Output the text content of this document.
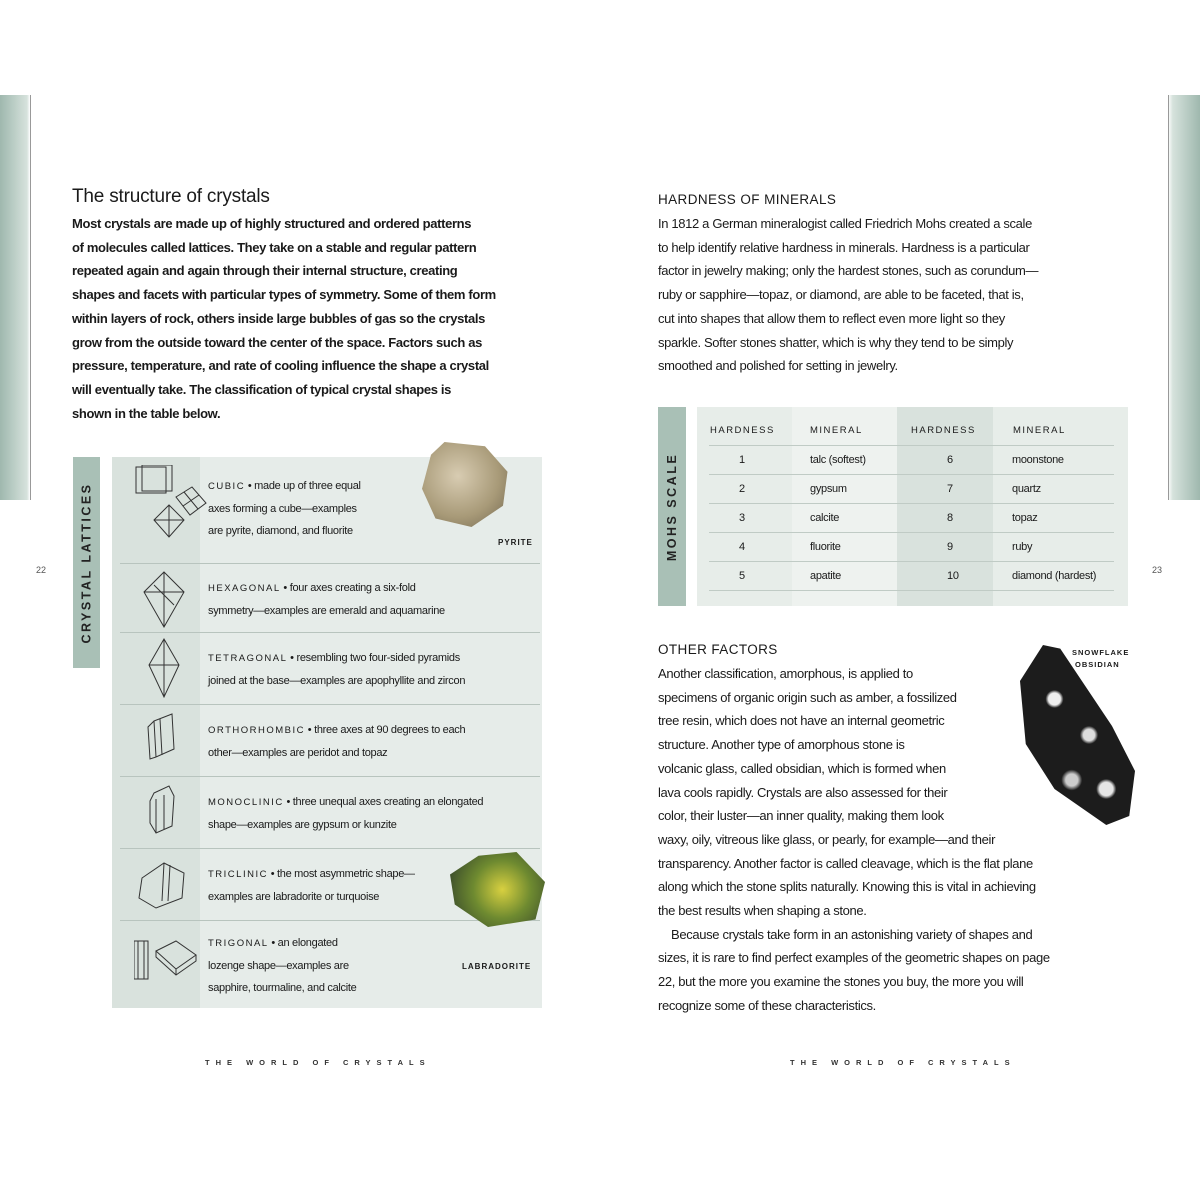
22	23
The structure of crystals
Most crystals are made up of highly structured and ordered patterns
of molecules called lattices. They take on a stable and regular pattern
repeated again and again through their internal structure, creating
shapes and facets with particular types of symmetry. Some of them form
within layers of rock, others inside large bubbles of gas so the crystals
grow from the outside toward the center of the space. Factors such as
pressure, temperature, and rate of cooling influence the shape a crystal
will eventually take. The classification of typical crystal shapes is
shown in the table below.
CRYSTAL LATTICES	CUBIC • made up of three equal
axes forming a cube—examples
are pyrite, diamond, and fluorite
HEXAGONAL • four axes creating a six-fold
symmetry—examples are emerald and aquamarine
TETRAGONAL • resembling two four-sided pyramids
joined at the base—examples are apophyllite and zircon
ORTHORHOMBIC • three axes at 90 degrees to each
other—examples are peridot and topaz
MONOCLINIC • three unequal axes creating an elongated
shape—examples are gypsum or kunzite
TRICLINIC • the most asymmetric shape—
examples are labradorite or turquoise
TRIGONAL • an elongated
lozenge shape—examples are
sapphire, tourmaline, and calcite
PYRITE
LABRADORITE
THE WORLD OF CRYSTALS
HARDNESS OF MINERALS
In 1812 a German mineralogist called Friedrich Mohs created a scale
to help identify relative hardness in minerals. Hardness is a particular
factor in jewelry making; only the hardest stones, such as corundum—
ruby or sapphire—topaz, or diamond, are able to be faceted, that is,
cut into shapes that allow them to reflect even more light so they
sparkle. Softer stones shatter, which is why they tend to be simply
smoothed and polished for setting in jewelry.
MOHS SCALE
HARDNESS	MINERAL	HARDNESS	MINERAL
1	talc (softest)	6	moonstone
2	gypsum	7	quartz
3	calcite	8	topaz
4	fluorite	9	ruby
5	apatite	10	diamond (hardest)
OTHER FACTORS
Another classification, amorphous, is applied to
specimens of organic origin such as amber, a fossilized
tree resin, which does not have an internal geometric
structure. Another type of amorphous stone is
volcanic glass, called obsidian, which is formed when
lava cools rapidly. Crystals are also assessed for their
color, their luster—an inner quality, making them look
waxy, oily, vitreous like glass, or pearly, for example—and their
transparency. Another factor is called cleavage, which is the flat plane
along which the stone splits naturally. Knowing this is vital in achieving
the best results when shaping a stone.
Because crystals take form in an astonishing variety of shapes and
sizes, it is rare to find perfect examples of the geometric shapes on page
22, but the more you examine the stones you buy, the more you will
recognize some of these characteristics.
SNOWFLAKE
OBSIDIAN
THE WORLD OF CRYSTALS
